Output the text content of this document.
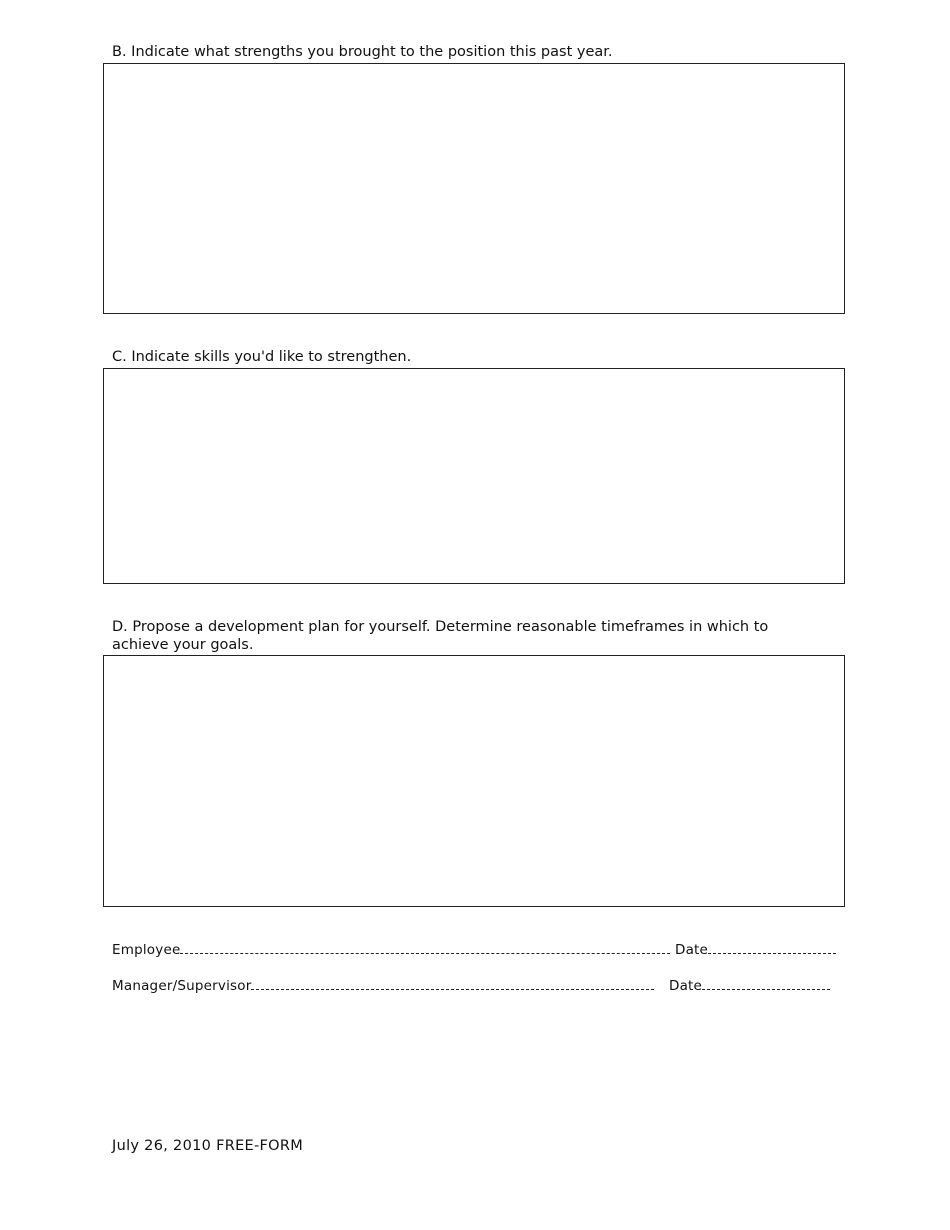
B. Indicate what strengths you brought to the position this past year.

C. Indicate skills you'd like to strengthen.

D. Propose a development plan for yourself. Determine reasonable timeframes in which to achieve your goals.

Employee	Date
Manager/Supervisor	Date
July 26, 2010 FREE-FORM
